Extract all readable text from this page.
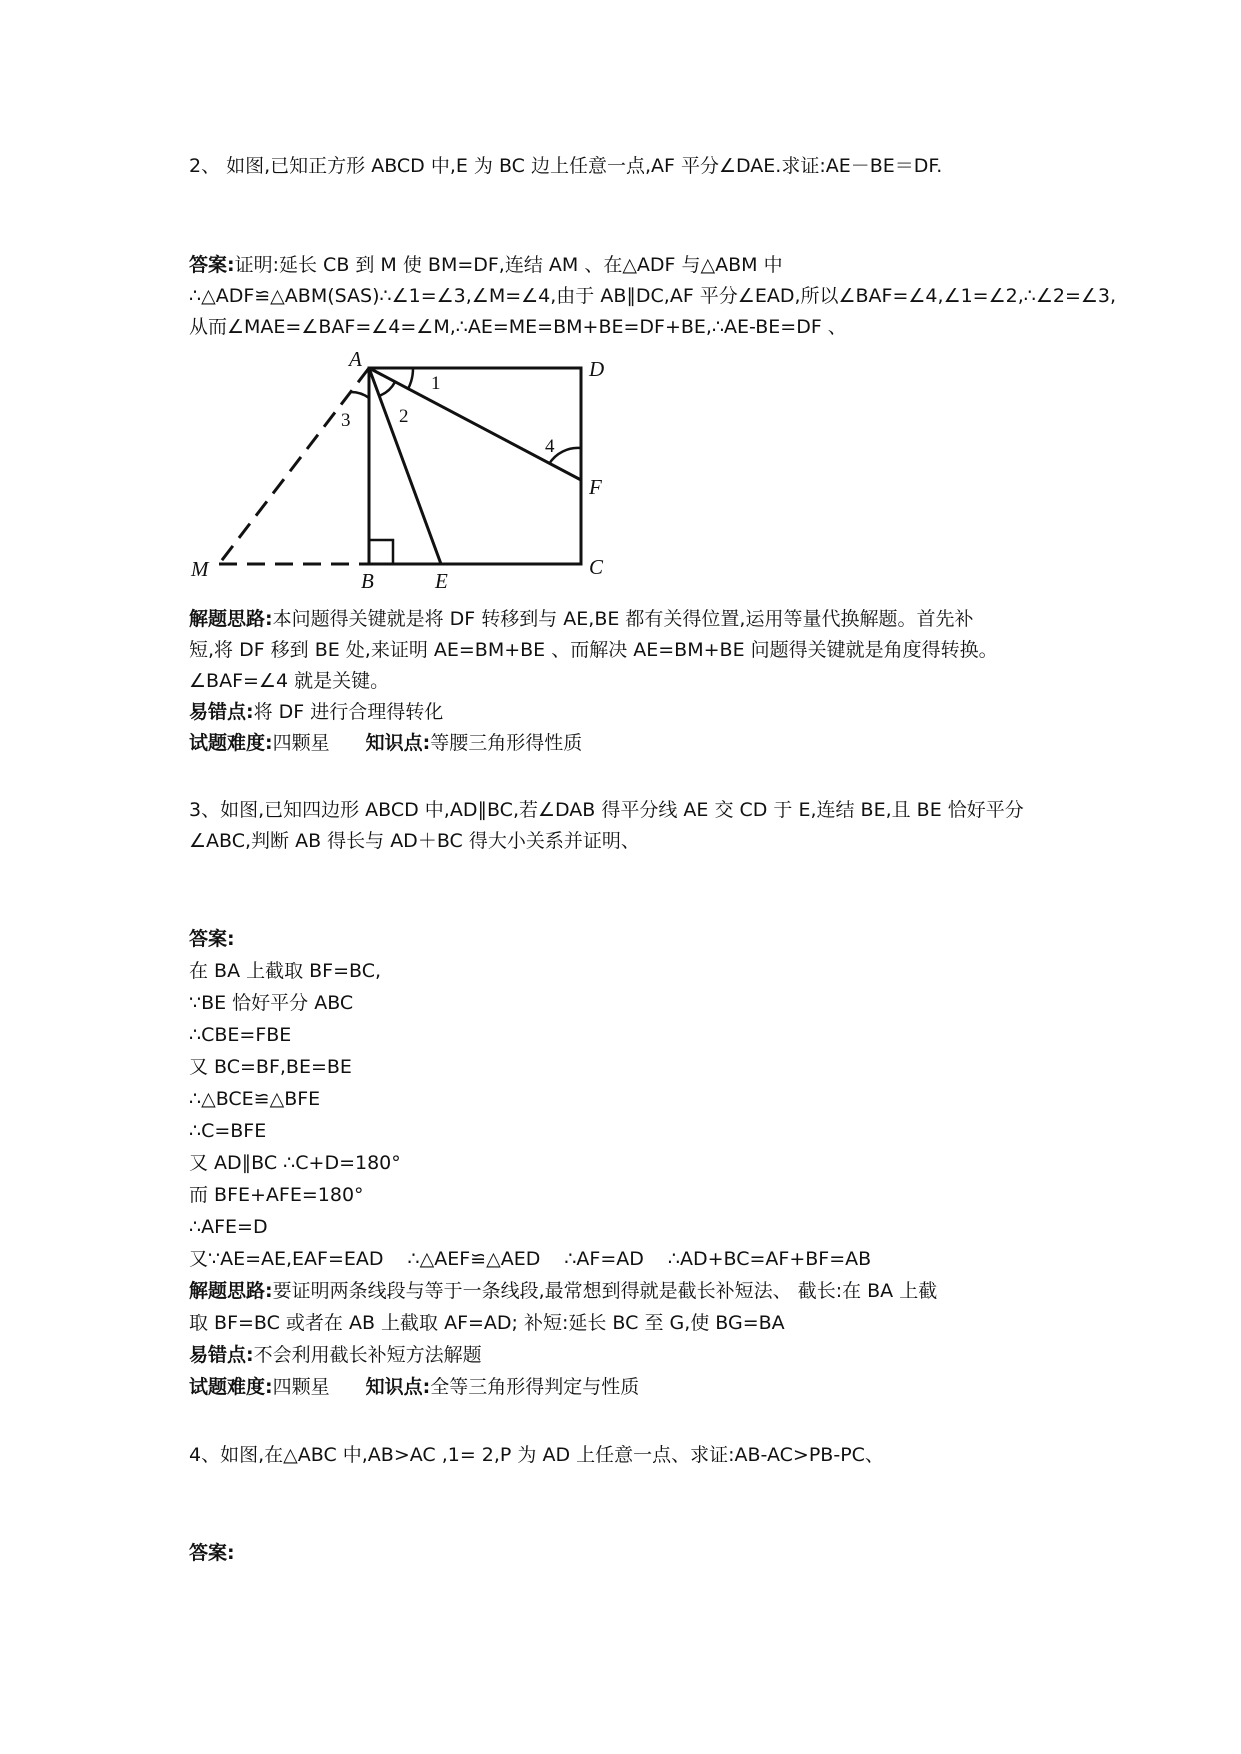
2、 如图,已知正方形 ABCD 中,E 为 BC 边上任意一点,AF 平分∠DAE.求证:AE－BE＝DF.
答案:证明:延长 CB 到 M 使 BM=DF,连结 AM 、在△ADF 与△ABM 中
∴△ADF≌△ABM(SAS)∴∠1=∠3,∠M=∠4,由于 AB∥DC,AF 平分∠EAD,所以∠BAF=∠4,∠1=∠2,∴∠2=∠3,
从而∠MAE=∠BAF=∠4=∠M,∴AE=ME=BM+BE=DF+BE,∴AE-BE=DF 、
A	D
F
C
B	E
M
1
2
3
4
解题思路:本问题得关键就是将 DF 转移到与 AE,BE 都有关得位置,运用等量代换解题。首先补
短,将 DF 移到 BE 处,来证明 AE=BM+BE 、而解决 AE=BM+BE 问题得关键就是角度得转换。
∠BAF=∠4 就是关键。
易错点:将 DF 进行合理得转化
试题难度:四颗星 知识点:等腰三角形得性质
3、如图,已知四边形 ABCD 中,AD∥BC,若∠DAB 得平分线 AE 交 CD 于 E,连结 BE,且 BE 恰好平分
∠ABC,判断 AB 得长与 AD＋BC 得大小关系并证明、
答案:
在 BA 上截取 BF=BC,
∵BE 恰好平分 ABC
∴CBE=FBE
又 BC=BF,BE=BE
∴△BCE≌△BFE
∴C=BFE
又 AD∥BC ∴C+D=180°
而 BFE+AFE=180°
∴AFE=D
又∵AE=AE,EAF=EAD ∴△AEF≌△AED ∴AF=AD ∴AD+BC=AF+BF=AB
解题思路:要证明两条线段与等于一条线段,最常想到得就是截长补短法、 截长:在 BA 上截
取 BF=BC 或者在 AB 上截取 AF=AD; 补短:延长 BC 至 G,使 BG=BA
易错点:不会利用截长补短方法解题
试题难度:四颗星 知识点:全等三角形得判定与性质
4、如图,在△ABC 中,AB>AC ,1= 2,P 为 AD 上任意一点、求证:AB-AC>PB-PC、
答案:
